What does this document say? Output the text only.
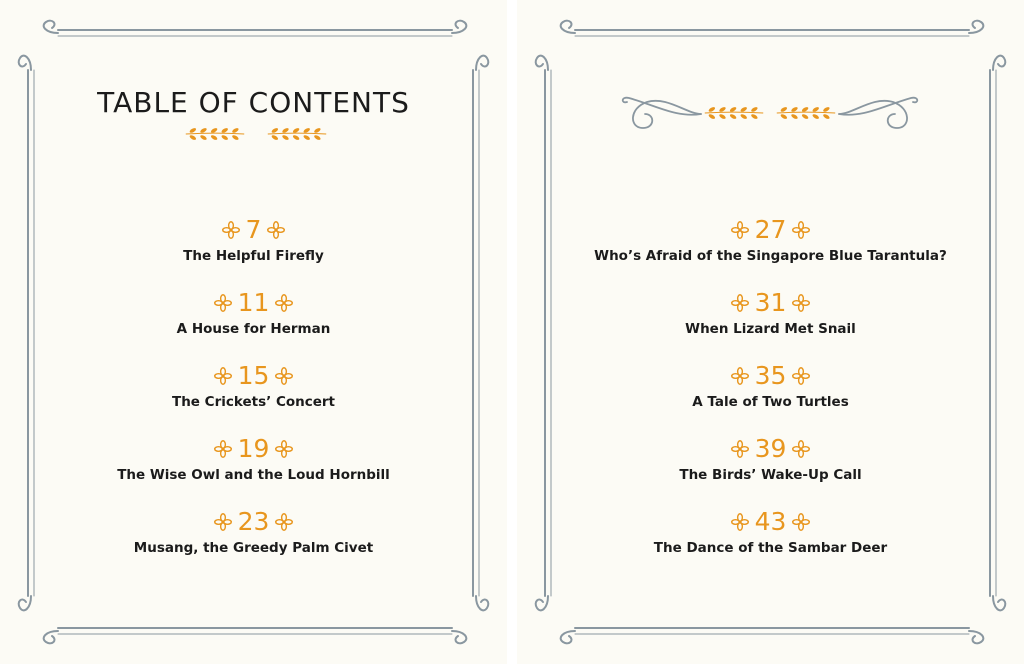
TABLE OF CONTENTS
7
The Helpful Firefly
11
A House for Herman
15
The Crickets’ Concert
19
The Wise Owl and the Loud Hornbill
23
Musang, the Greedy Palm Civet
27
Who’s Afraid of the Singapore Blue Tarantula?
31
When Lizard Met Snail
35
A Tale of Two Turtles
39
The Birds’ Wake-Up Call
43
The Dance of the Sambar Deer
